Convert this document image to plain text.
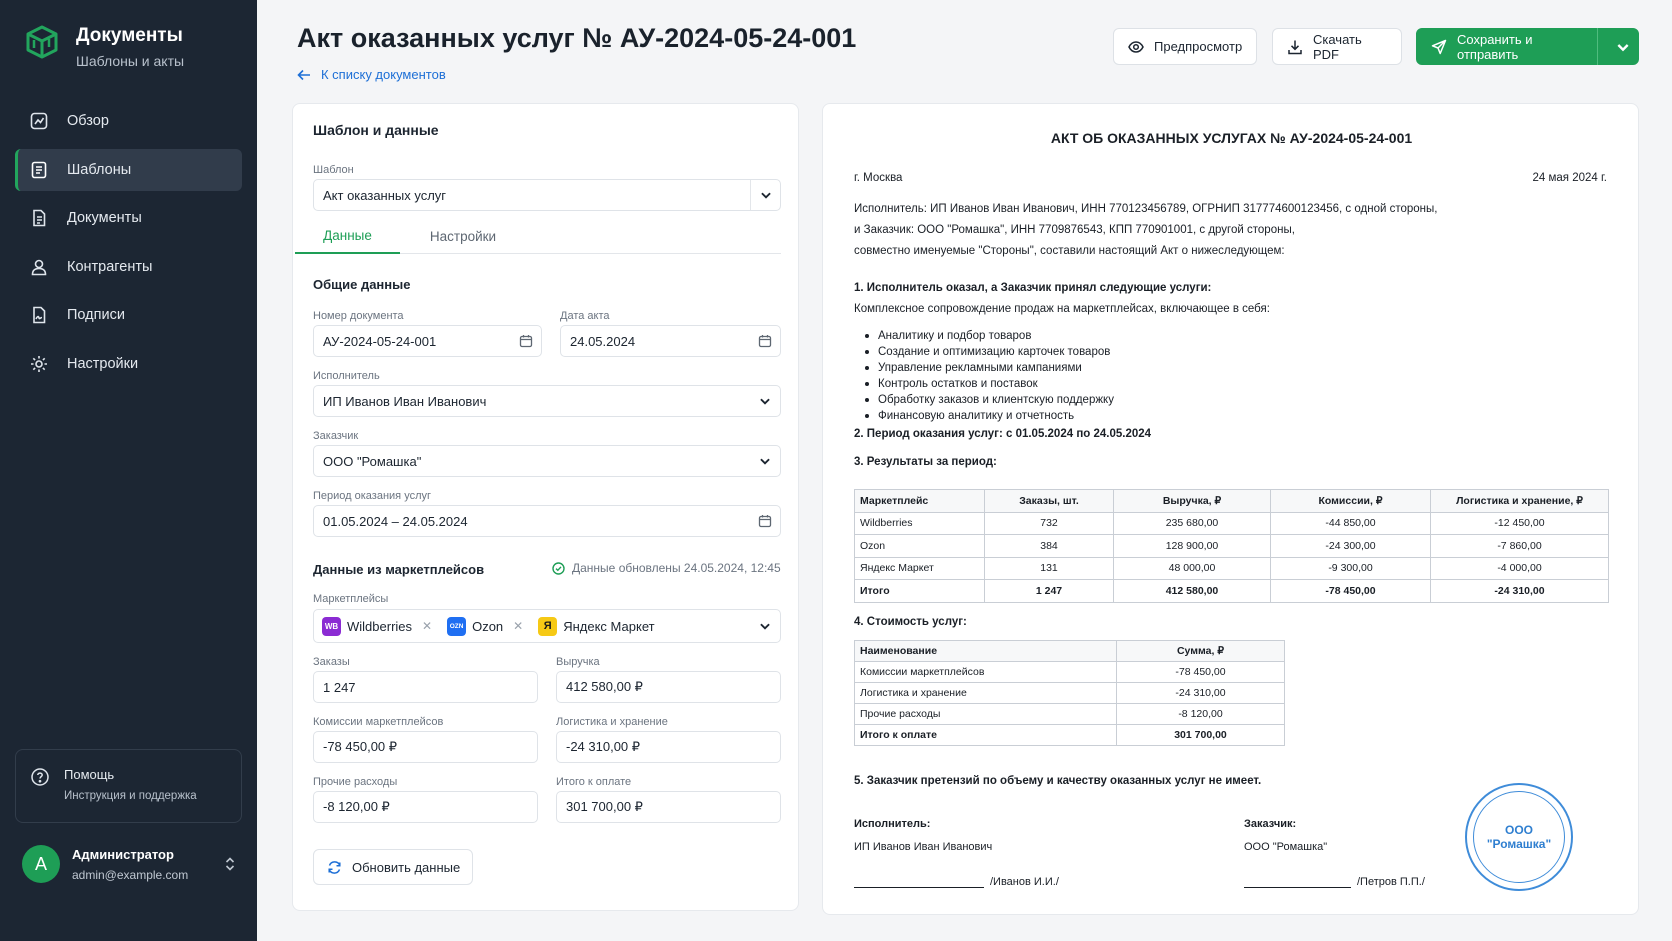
Документы
Шаблоны и акты
Обзор
Шаблоны
Документы
Контрагенты
Подписи
Настройки
Помощь
Инструкция и поддержка
А	Администратор
admin@example.com
Акт оказанных услуг № АУ-2024-05-24-001
К списку документов
Предпросмотр	Скачать PDF
Сохранить и отправить
Шаблон и данные
Шаблон
Акт оказанных услуг
Данные	Настройки
Общие данные
Номер документа
АУ-2024-05-24-001
Дата акта
24.05.2024
Исполнитель
ИП Иванов Иван Иванович
Заказчик
ООО "Ромашка"
Период оказания услуг
01.05.2024 – 24.05.2024
Данные из маркетплейсов	Данные обновлены 24.05.2024, 12:45
Маркетплейсы
WB Wildberries ✕	OZN Ozon ✕	Я Яндекс Маркет
Заказы
1 247
Выручка
412 580,00 ₽
Комиссии маркетплейсов
-78 450,00 ₽
Логистика и хранение
-24 310,00 ₽
Прочие расходы
-8 120,00 ₽
Итого к оплате
301 700,00 ₽
Обновить данные
АКТ ОБ ОКАЗАННЫХ УСЛУГАХ № АУ-2024-05-24-001
г. Москва	24 мая 2024 г.
Исполнитель: ИП Иванов Иван Иванович, ИНН 770123456789, ОГРНИП 317774600123456, с одной стороны,
и Заказчик: ООО "Ромашка", ИНН 7709876543, КПП 770901001, с другой стороны,
совместно именуемые "Стороны", составили настоящий Акт о нижеследующем:
1. Исполнитель оказал, а Заказчик принял следующие услуги:
Комплексное сопровождение продаж на маркетплейсах, включающее в себя:
Аналитику и подбор товаров
Создание и оптимизацию карточек товаров
Управление рекламными кампаниями
Контроль остатков и поставок
Обработку заказов и клиентскую поддержку
Финансовую аналитику и отчетность
2. Период оказания услуг: с 01.05.2024 по 24.05.2024
3. Результаты за период:
Маркетплейс	Заказы, шт.	Выручка, ₽	Комиссии, ₽	Логистика и хранение, ₽
Wildberries	732	235 680,00	-44 850,00	-12 450,00
Ozon	384	128 900,00	-24 300,00	-7 860,00
Яндекс Маркет	131	48 000,00	-9 300,00	-4 000,00
Итого	1 247	412 580,00	-78 450,00	-24 310,00
4. Стоимость услуг:
Наименование	Сумма, ₽
Комиссии маркетплейсов	-78 450,00
Логистика и хранение	-24 310,00
Прочие расходы	-8 120,00
Итого к оплате	301 700,00
5. Заказчик претензий по объему и качеству оказанных услуг не имеет.
Исполнитель:
ИП Иванов Иван Иванович
/Иванов И.И./
Заказчик:
ООО "Ромашка"
/Петров П.П./
ООО
"Ромашка"
